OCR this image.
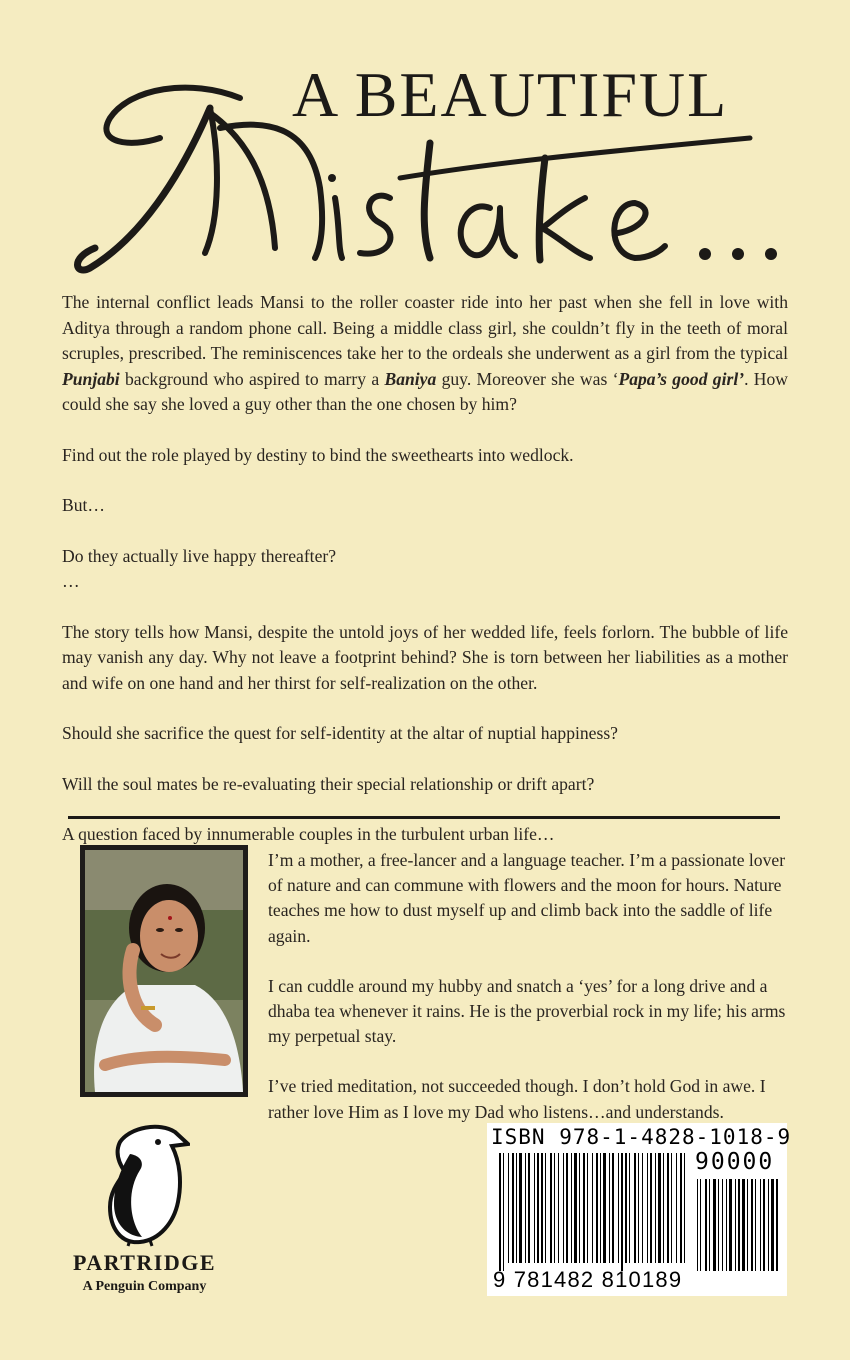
A BEAUTIFUL

The internal conflict leads Mansi to the roller coaster ride into her past when she fell in love with Aditya through a random phone call. Being a middle class girl, she couldn’t fly in the teeth of moral scruples, prescribed. The reminiscences take her to the ordeals she underwent as a girl from the typical Punjabi background who aspired to marry a Baniya guy. Moreover she was ‘Papa’s good girl’. How could she say she loved a guy other than the one chosen by him?

Find out the role played by destiny to bind the sweethearts into wedlock.

But…

Do they actually live happy thereafter?

…

The story tells how Mansi, despite the untold joys of her wedded life, feels forlorn. The bubble of life may vanish any day. Why not leave a footprint behind? She is torn between her liabilities as a mother and wife on one hand and her thirst for self-realization on the other.

Should she sacrifice the quest for self-identity at the altar of nuptial happiness?

Will the soul mates be re-evaluating their special relationship or drift apart?

A question faced by innumerable couples in the turbulent urban life…

I’m a mother, a free-lancer and a language teacher. I’m a passionate lover of nature and can commune with flowers and the moon for hours. Nature teaches me how to dust myself up and climb back into the saddle of life again.

I can cuddle around my hubby and snatch a ‘yes’ for a long drive and a dhaba tea whenever it rains. He is the proverbial rock in my life; his arms my perpetual stay.

I’ve tried meditation, not succeeded though. I don’t hold God in awe. I rather love Him as I love my Dad who listens…and understands.

PARTRIDGE
A Penguin Company
ISBN 978-1-4828-1018-9
90000
9 781482 810189
